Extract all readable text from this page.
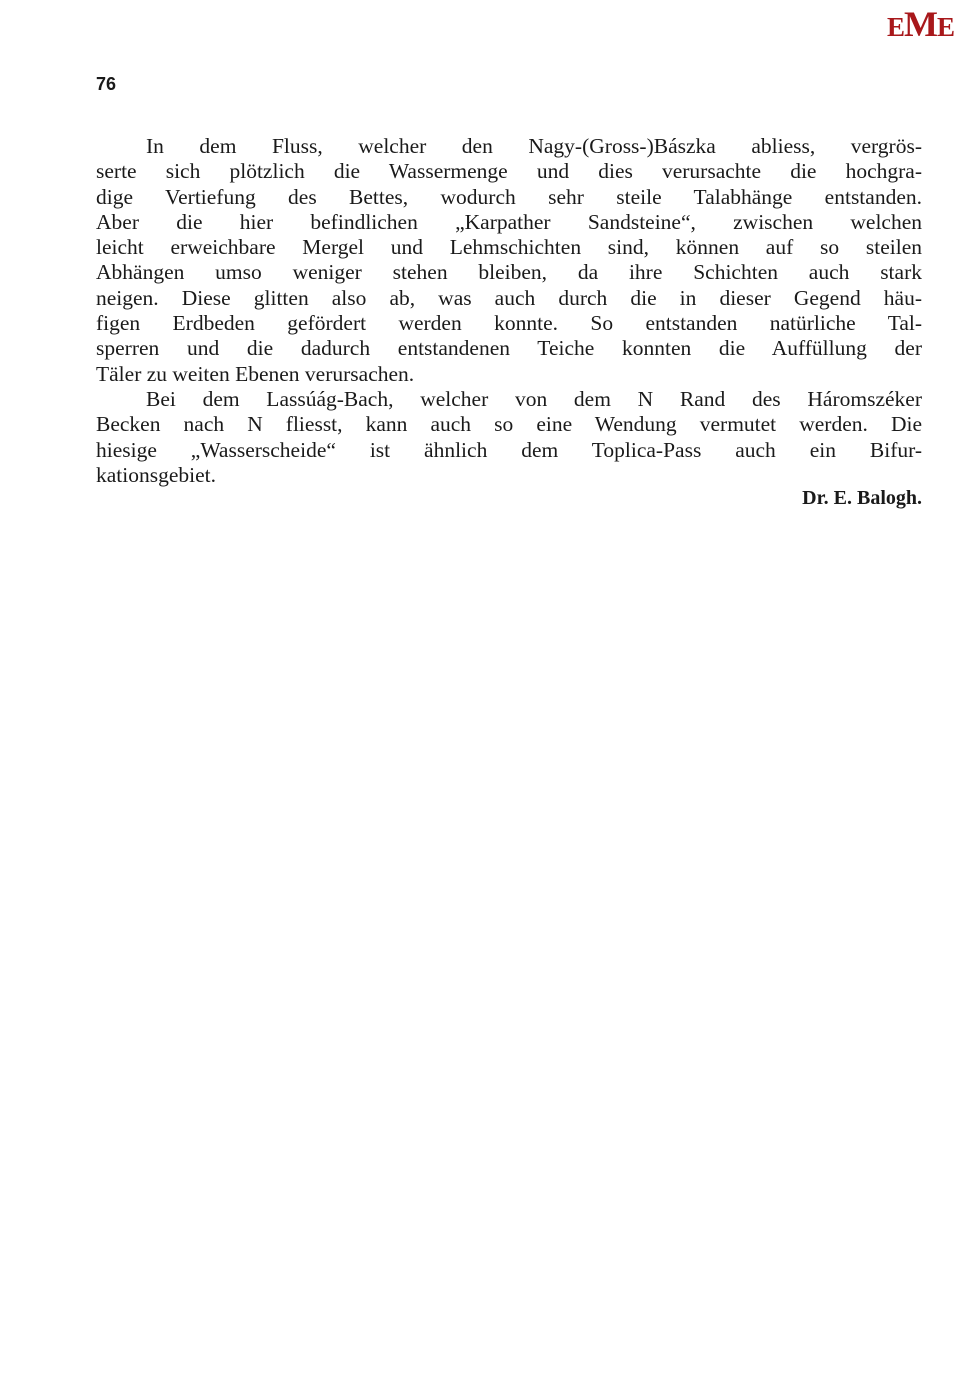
EME
76
In dem Fluss, welcher den Nagy-(Gross-)Bászka abliess, vergrös-
serte sich plötzlich die Wassermenge und dies verursachte die hochgra-
dige Vertiefung des Bettes, wodurch sehr steile Talabhänge entstanden.
Aber die hier befindlichen „Karpather Sandsteine“, zwischen welchen
leicht erweichbare Mergel und Lehmschichten sind, können auf so steilen
Abhängen umso weniger stehen bleiben, da ihre Schichten auch stark
neigen. Diese glitten also ab, was auch durch die in dieser Gegend häu-
figen Erdbeden gefördert werden konnte. So entstanden natürliche Tal-
sperren und die dadurch entstandenen Teiche konnten die Auffüllung der
Täler zu weiten Ebenen verursachen.
Bei dem Lassúág-Bach, welcher von dem N Rand des Háromszéker
Becken nach N fliesst, kann auch so eine Wendung vermutet werden. Die
hiesige „Wasserscheide“ ist ähnlich dem Toplica-Pass auch ein Bifur-
kationsgebiet.
Dr. E. Balogh.
